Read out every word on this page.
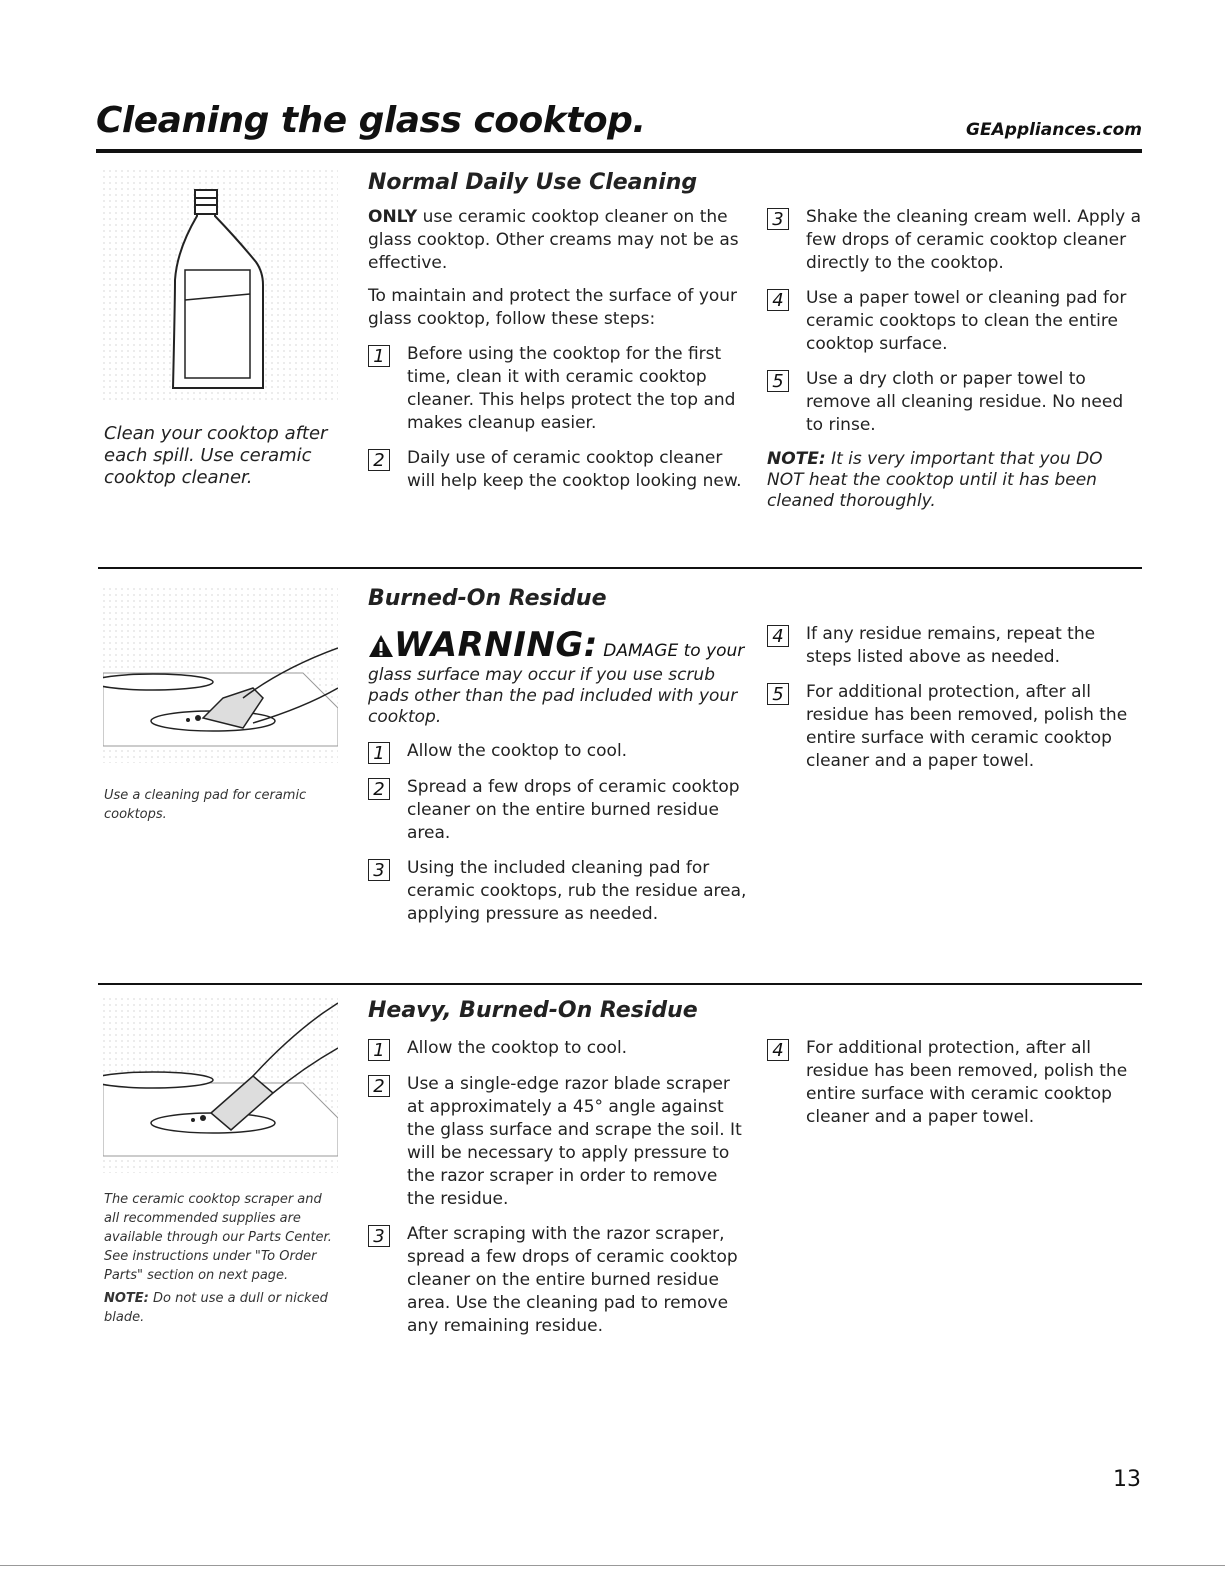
Cleaning the glass cooktop.	GEAppliances.com
Clean your cooktop after each spill. Use ceramic cooktop cleaner.
Normal Daily Use Cleaning

ONLY use ceramic cooktop cleaner on the glass cooktop. Other creams may not be as effective.

To maintain and protect the surface of your glass cooktop, follow these steps:

1	Before using the cooktop for the first time, clean it with ceramic cooktop cleaner. This helps protect the top and makes cleanup easier.
2	Daily use of ceramic cooktop cleaner will help keep the cooktop looking new.
3	Shake the cleaning cream well. Apply a few drops of ceramic cooktop cleaner directly to the cooktop.
4	Use a paper towel or cleaning pad for ceramic cooktops to clean the entire cooktop surface.
5	Use a dry cloth or paper towel to remove all cleaning residue. No need to rinse.

NOTE: It is very important that you DO NOT heat the cooktop until it has been cleaned thoroughly.

Use a cleaning pad for ceramic cooktops.
Burned-On Residue
WARNING: DAMAGE to your

glass surface may occur if you use scrub pads other than the pad included with your cooktop.

1	Allow the cooktop to cool.
2	Spread a few drops of ceramic cooktop cleaner on the entire burned residue area.
3	Using the included cleaning pad for ceramic cooktops, rub the residue area, applying pressure as needed.
4	If any residue remains, repeat the steps listed above as needed.
5	For additional protection, after all residue has been removed, polish the entire surface with ceramic cooktop cleaner and a paper towel.
The ceramic cooktop scraper and all recommended supplies are available through our Parts Center. See instructions under "To Order Parts" section on next page.
NOTE: Do not use a dull or nicked blade.
Heavy, Burned-On Residue
1	Allow the cooktop to cool.
2	Use a single-edge razor blade scraper at approximately a 45° angle against the glass surface and scrape the soil. It will be necessary to apply pressure to the razor scraper in order to remove the residue.
3	After scraping with the razor scraper, spread a few drops of ceramic cooktop cleaner on the entire burned residue area. Use the cleaning pad to remove any remaining residue.
4	For additional protection, after all residue has been removed, polish the entire surface with ceramic cooktop cleaner and a paper towel.
13
